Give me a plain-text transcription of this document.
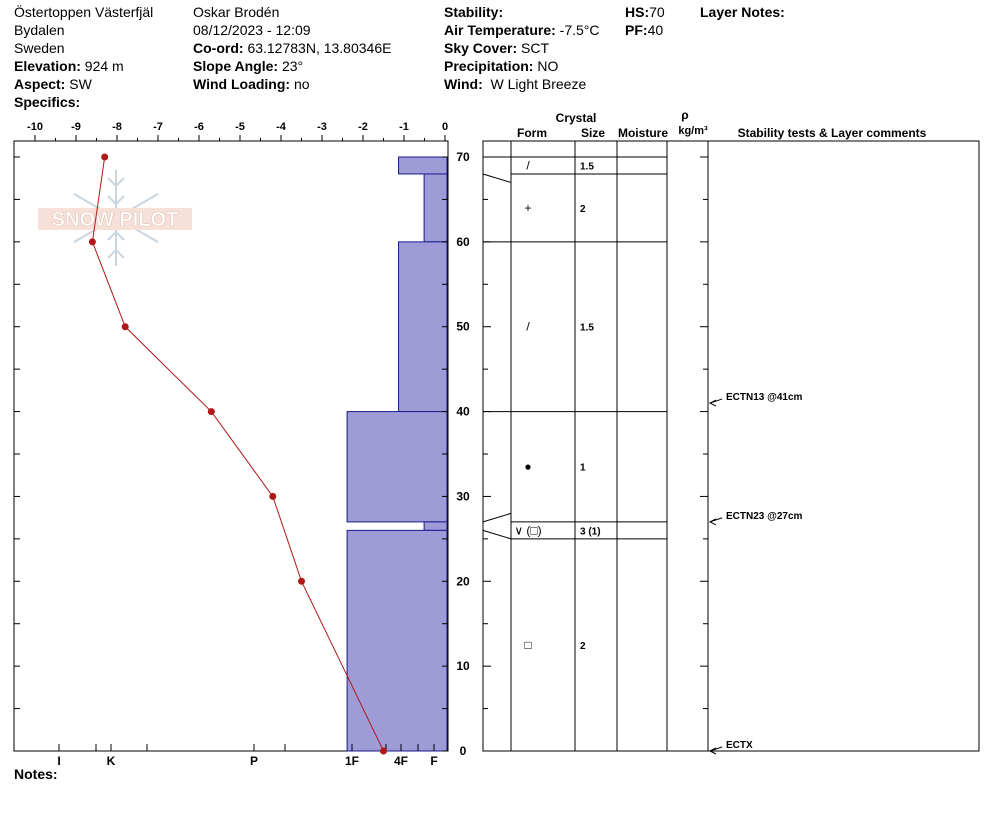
Östertoppen Västerfjäl
Bydalen
Sweden
Elevation: 924 m
Aspect: SW
Specifics:
Oskar Brodén
08/12/2023 - 12:09
Co-ord: 63.12783N, 13.80346E
Slope Angle: 23°
Wind Loading: no
Stability:
Air Temperature: -7.5°C
Sky Cover: SCT
Precipitation: NO
Wind: W Light Breeze
HS:70
PF:40
Layer Notes:
Notes:
SNOW PILOT
-10	-9	-8	-7	-6	-5	-4	-3	-2	-1	0
I	K	P	1F	4F F
0
10
20
30
40
50
60
70
Crystal
Form	Size Moisture
ρ
kg/m³ Stability tests & Layer comments
/	1.5
+	2
/	1.5
●	1
∨ (□)	3 (1)
□	2
ECTN13 @41cm
ECTN23 @27cm
ECTX
